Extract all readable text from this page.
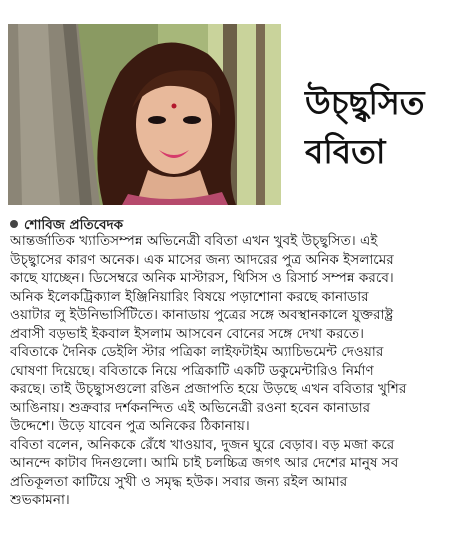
উচ্ছ্বসিত
ববিতা
শোবিজ প্রতিবেদক
আন্তর্জাতিক খ্যাতিসম্পন্ন অভিনেত্রী ববিতা এখন খুবই উচ্ছ্বসিত। এই
উচ্ছ্বাসের কারণ অনেক। এক মাসের জন্য আদরের পুত্র অনিক ইসলামের
কাছে যাচ্ছেন। ডিসেম্বরে অনিক মাস্টারস, থিসিস ও রিসার্চ সম্পন্ন করবে।
অনিক ইলেকট্রিক্যাল ইঞ্জিনিয়ারিং বিষয়ে পড়াশোনা করছে কানাডার
ওয়াটার লু ইউনিভার্সিটিতে। কানাডায় পুত্রের সঙ্গে অবস্থানকালে যুক্তরাষ্ট্র
প্রবাসী বড়ভাই ইকবাল ইসলাম আসবেন বোনের সঙ্গে দেখা করতে।
ববিতাকে দৈনিক ডেইলি স্টার পত্রিকা লাইফটাইম অ্যাচিভমেন্ট দেওয়ার
ঘোষণা দিয়েছে। ববিতাকে নিয়ে পত্রিকাটি একটি ডকুমেন্টারিও নির্মাণ
করছে। তাই উচ্ছ্বাসগুলো রঙিন প্রজাপতি হয়ে উড়ছে এখন ববিতার খুশির
আঙিনায়। শুক্রবার দর্শকনন্দিত এই অভিনেত্রী রওনা হবেন কানাডার
উদ্দেশে। উড়ে যাবেন পুত্র অনিকের ঠিকানায়।
ববিতা বলেন, অনিককে রেঁধে খাওয়াব, দুজন ঘুরে বেড়াব। বড় মজা করে
আনন্দে কাটাব দিনগুলো। আমি চাই চলচ্চিত্র জগৎ আর দেশের মানুষ সব
প্রতিকূলতা কাটিয়ে সুখী ও সমৃদ্ধ হউক। সবার জন্য রইল আমার
শুভকামনা।
